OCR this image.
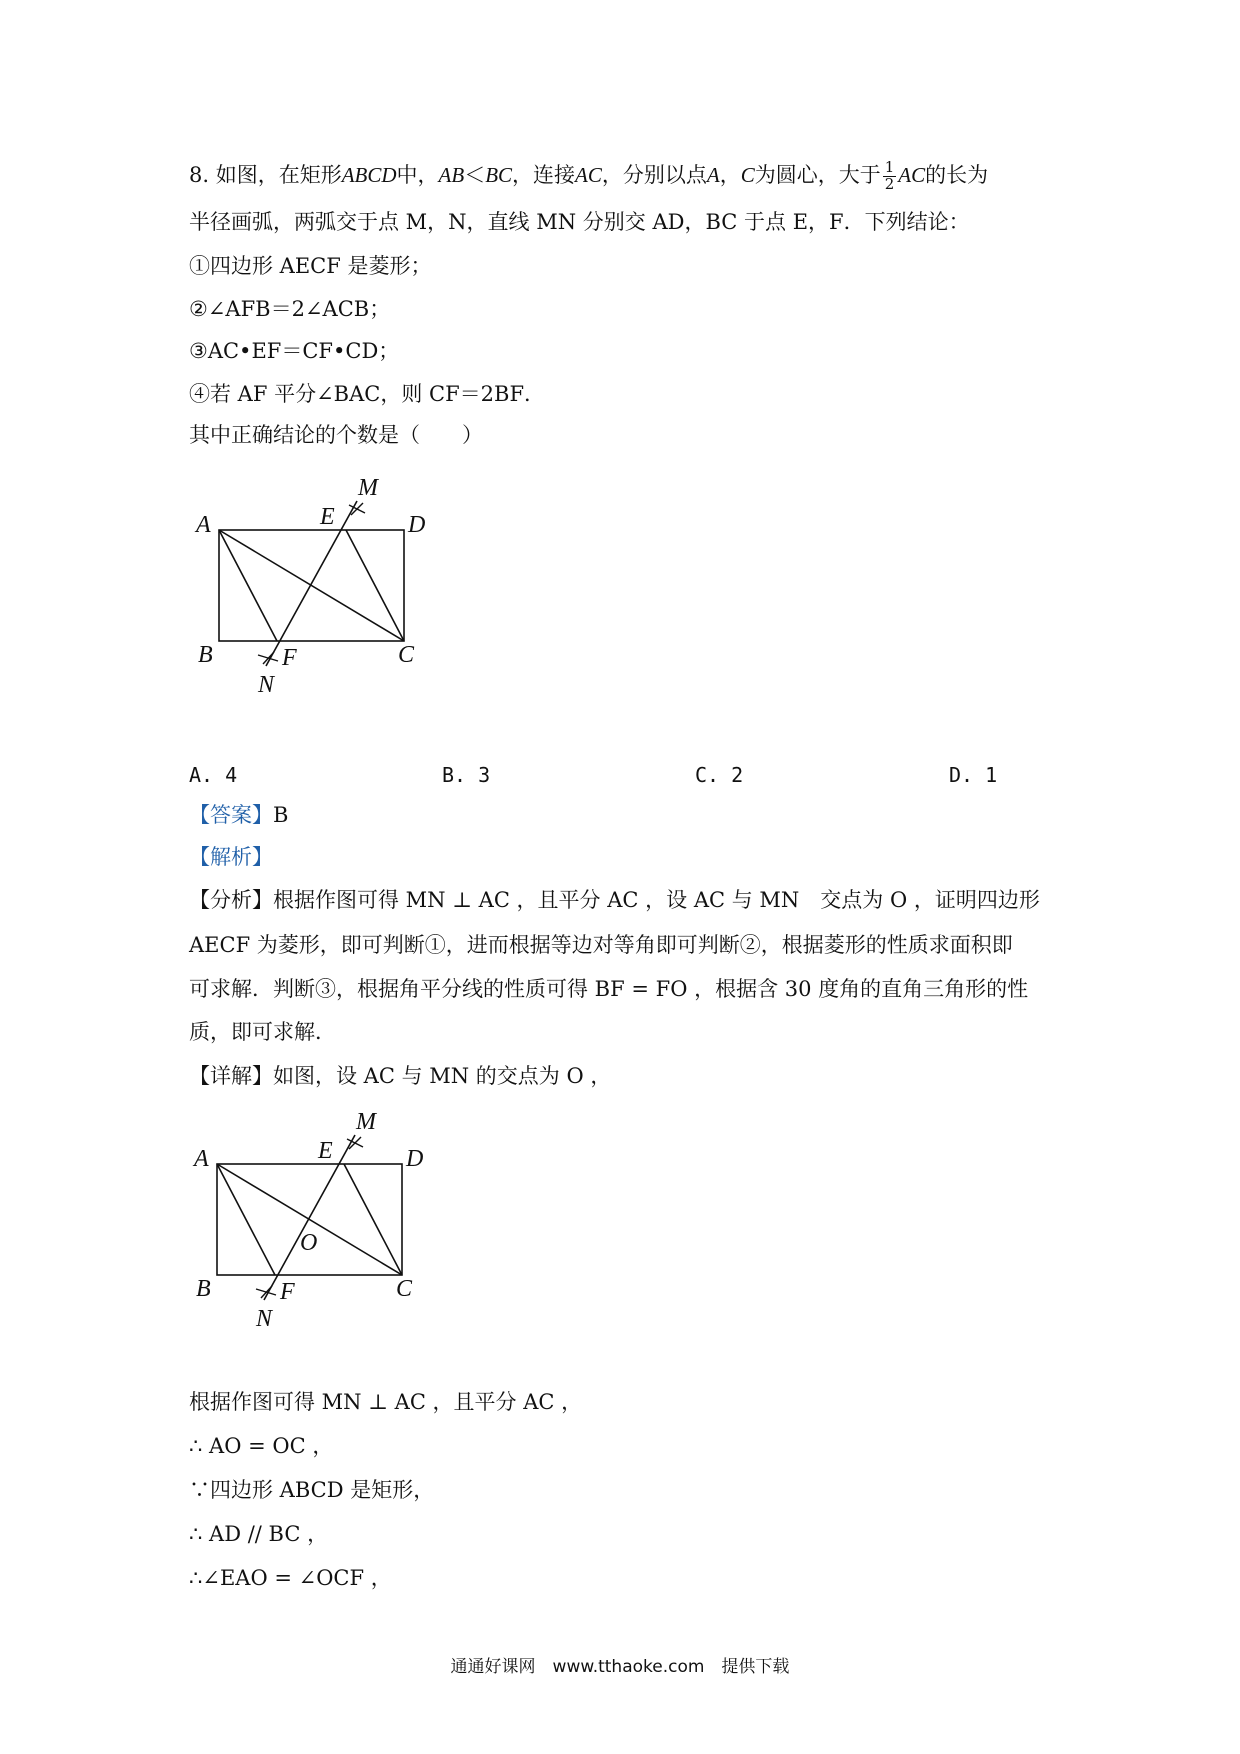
8. 如图，在矩形ABCD中，AB＜BC，连接AC，分别以点A，C为圆心，大于 $\frac{1}{2}$ AC的长为
半径画弧，两弧交于点 M，N，直线 MN 分别交 AD，BC 于点 E，F．下列结论：
①四边形 AECF 是菱形；
②∠AFB＝2∠ACB；
③AC•EF＝CF•CD；
④若 AF 平分∠BAC，则 CF＝2BF．
其中正确结论的个数是（　　）
A
B	C
D
E
F
M
N
A. 4	B. 3	C. 2	D. 1
【答案】B
【解析】
【分析】根据作图可得 MN ⊥ AC ，且平分 AC ，设 AC 与 MN　交点为 O ，证明四边形
AECF 为菱形，即可判断①，进而根据等边对等角即可判断②，根据菱形的性质求面积即
可求解．判断③，根据角平分线的性质可得 BF = FO ，根据含 30 度角的直角三角形的性
质，即可求解．
【详解】如图，设 AC 与 MN 的交点为 O ，
A
B	C
D
E
F
M
N
O
根据作图可得 MN ⊥ AC ，且平分 AC ，
∴ AO = OC ，
∵四边形 ABCD 是矩形，
∴ AD // BC ，
∴∠EAO = ∠OCF ，
通通好课网　www.tthaoke.com　提供下载
